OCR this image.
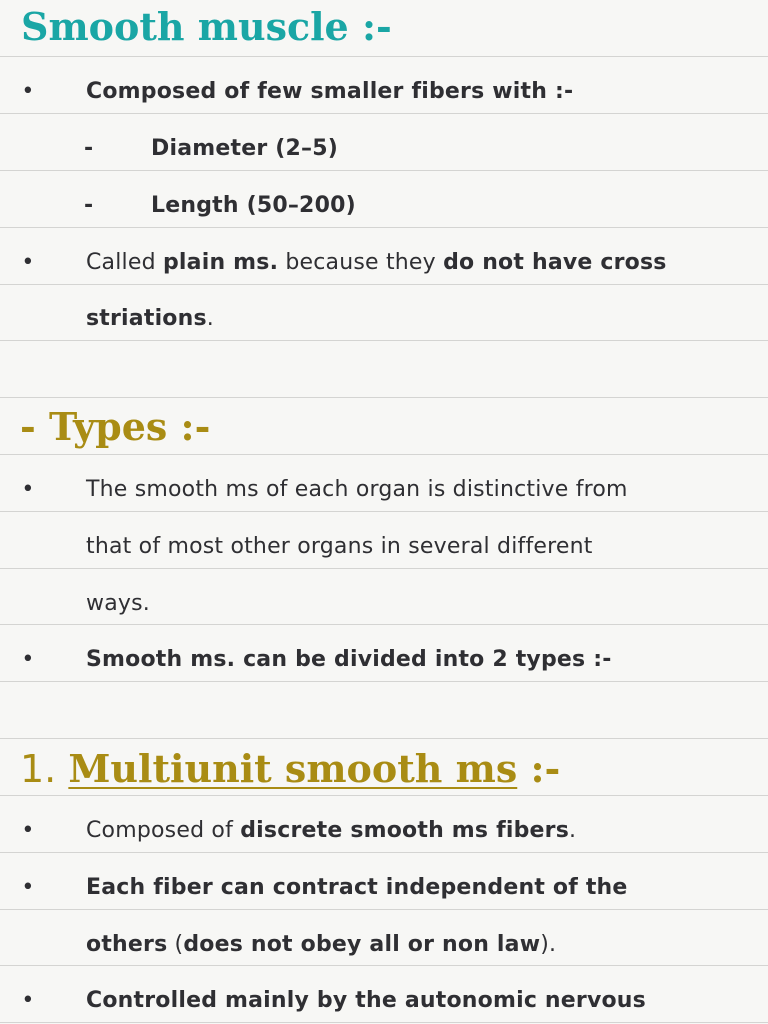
Smooth muscle :-
• Composed of few smaller fibers with :-
-	Diameter (2–5)
-	Length (50–200)
• Called plain ms. because they do not have cross
striations.
- Types :-
• The smooth ms of each organ is distinctive from
that of most other organs in several different
ways.
• Smooth ms. can be divided into 2 types :-
1. Multiunit smooth ms :-
• Composed of discrete smooth ms fibers.
• Each fiber can contract independent of the
others (does not obey all or non law).
• Controlled mainly by the autonomic nervous
